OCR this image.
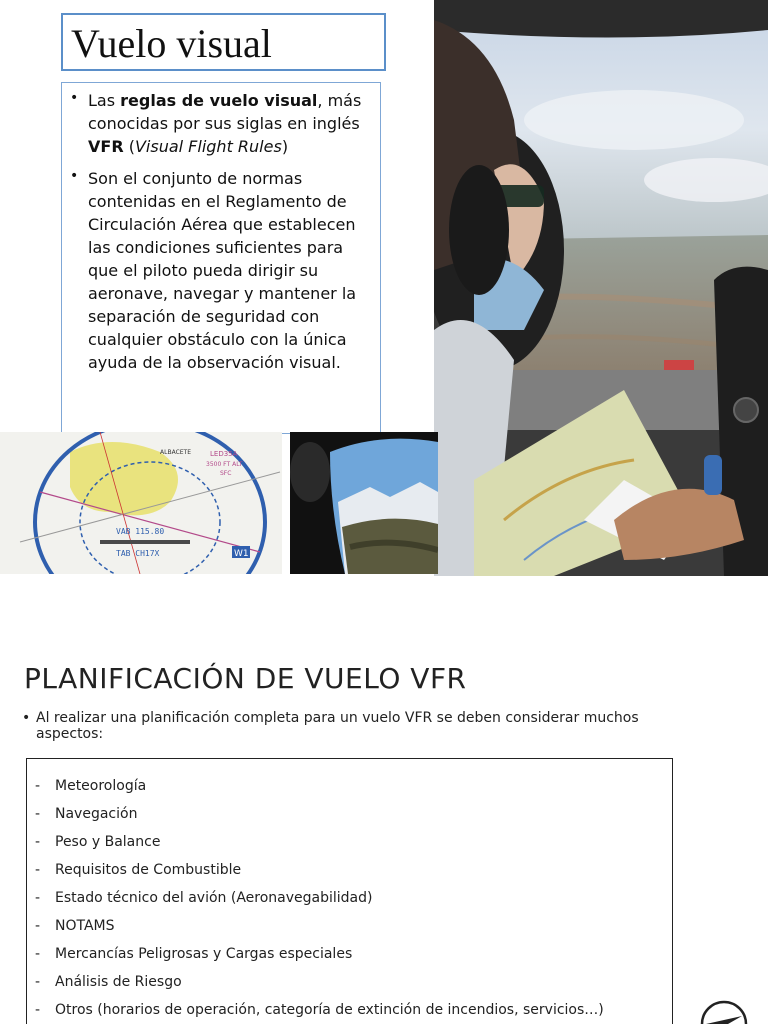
Vuelo visual
• Las reglas de vuelo visual, más conocidas por sus siglas en inglés VFR (Visual Flight Rules)
• Son el conjunto de normas contenidas en el Reglamento de Circulación Aérea que establecen las condiciones suficientes para que el piloto pueda dirigir su aeronave, navegar y mantener la separación de seguridad con cualquier obstáculo con la única ayuda de la observación visual.
VAB 115.80
TAB CH17X
LED35A
3500 FT ALT
SFC
ALBACETE
W1
PLANIFICACIÓN DE VUELO VFR
• Al realizar una planificación completa para un vuelo VFR se deben considerar muchos
aspectos:
- Meteorología
- Navegación
- Peso y Balance
- Requisitos de Combustible
- Estado técnico del avión (Aeronavegabilidad)
- NOTAMS
- Mercancías Peligrosas y Cargas especiales
- Análisis de Riesgo
- Otros (horarios de operación, categoría de extinción de incendios, servicios…)
